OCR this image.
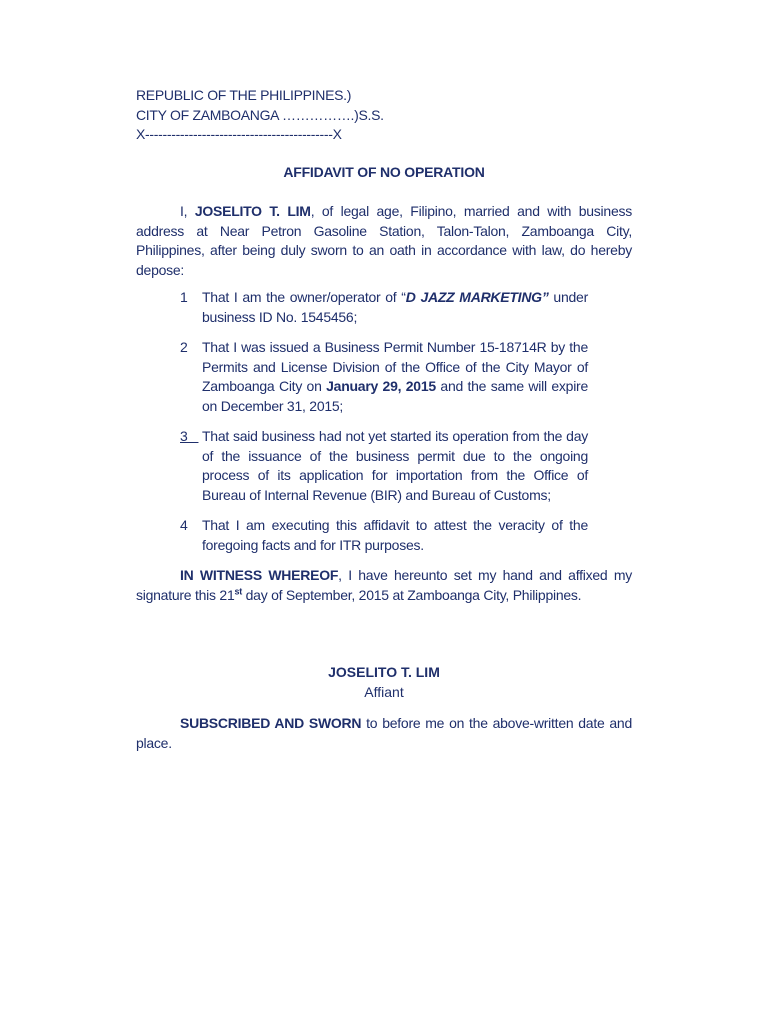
REPUBLIC OF THE PHILIPPINES.)
CITY OF ZAMBOANGA …………….)S.S.
X-------------------------------------------X
AFFIDAVIT OF NO OPERATION
I, JOSELITO T. LIM, of legal age, Filipino, married and with business address at Near Petron Gasoline Station, Talon-Talon, Zamboanga City, Philippines, after being duly sworn to an oath in accordance with law, do hereby depose:
1	That I am the owner/operator of “D JAZZ MARKETING” under business ID No. 1545456;
2	That I was issued a Business Permit Number 15-18714R by the Permits and License Division of the Office of the City Mayor of Zamboanga City on January 29, 2015 and the same will expire on December 31, 2015;
3 That said business had not yet started its operation from the day of the issuance of the business permit due to the ongoing process of its application for importation from the Office of Bureau of Internal Revenue (BIR) and Bureau of Customs;
4	That I am executing this affidavit to attest the veracity of the foregoing facts and for ITR purposes.
IN WITNESS WHEREOF, I have hereunto set my hand and affixed my signature this 21st day of September, 2015 at Zamboanga City, Philippines.
JOSELITO T. LIM
Affiant
SUBSCRIBED AND SWORN to before me on the above-written date and place.
